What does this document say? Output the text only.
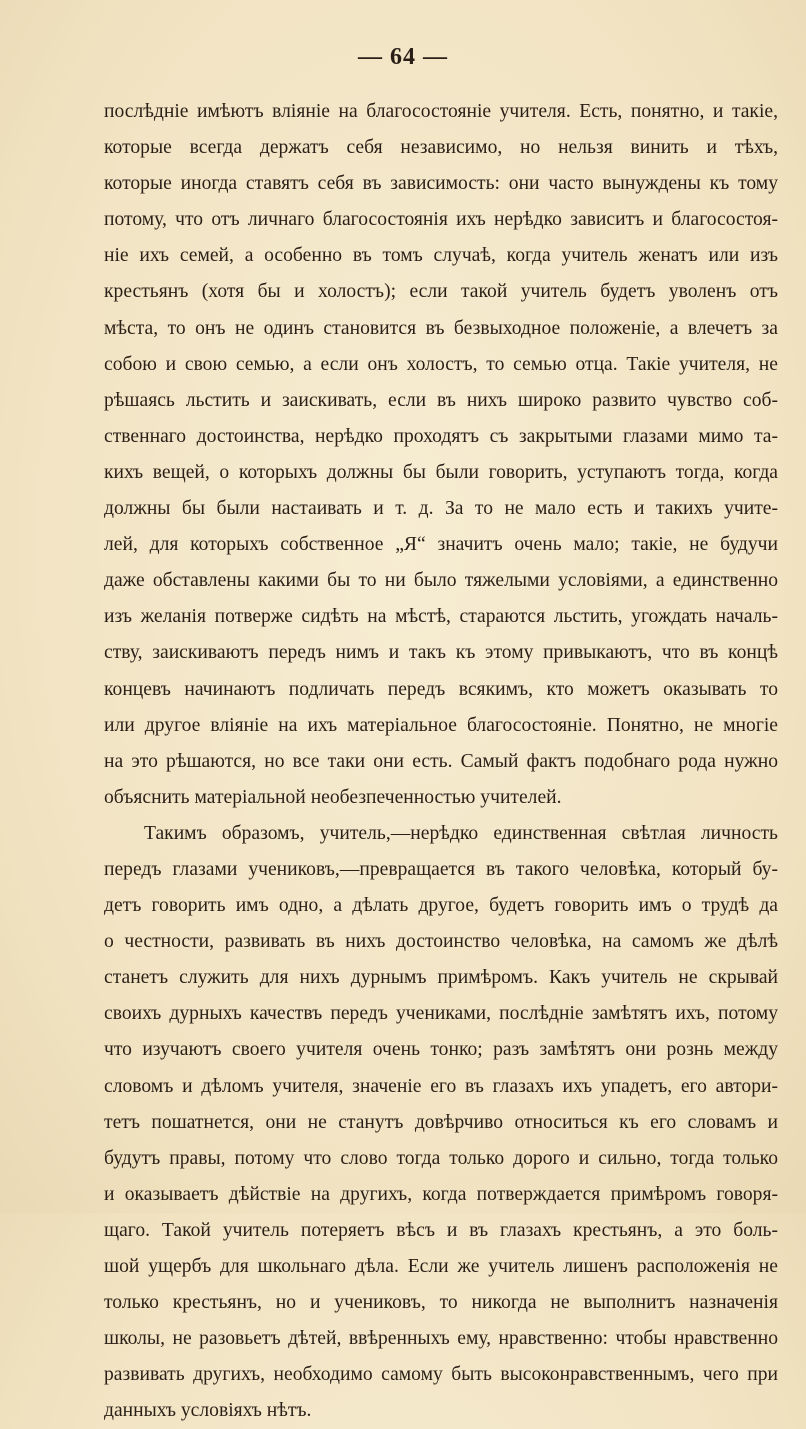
— 64 —
послѣдніе имѣютъ вліяніе на благосостояніе учителя. Есть, понятно, и такіе,
которые всегда держатъ себя независимо, но нельзя винить и тѣхъ,
которые иногда ставятъ себя въ зависимость: они часто вынуждены къ тому
потому, что отъ личнаго благосостоянія ихъ нерѣдко зависитъ и благосостоя-
ніе ихъ семей, а особенно въ томъ случаѣ, когда учитель женатъ или изъ
крестьянъ (хотя бы и холостъ); если такой учитель будетъ уволенъ отъ
мѣста, то онъ не одинъ становится въ безвыходное положеніе, а влечетъ за
собою и свою семью, а если онъ холостъ, то семью отца. Такіе учителя, не
рѣшаясь льстить и заискивать, если въ нихъ широко развито чувство соб-
ственнаго достоинства, нерѣдко проходятъ съ закрытыми глазами мимо та-
кихъ вещей, о которыхъ должны бы были говорить, уступаютъ тогда, когда
должны бы были настаивать и т. д. За то не мало есть и такихъ учите-
лей, для которыхъ собственное „Я“ значитъ очень мало; такіе, не будучи
даже обставлены какими бы то ни было тяжелыми условіями, а единственно
изъ желанія потверже сидѣть на мѣстѣ, стараются льстить, угождать началь-
ству, заискиваютъ передъ нимъ и такъ къ этому привыкаютъ, что въ концѣ
концевъ начинаютъ подличать передъ всякимъ, кто можетъ оказывать то
или другое вліяніе на ихъ матеріальное благосостояніе. Понятно, не многіе
на это рѣшаются, но все таки они есть. Самый фактъ подобнаго рода нужно
объяснить матеріальной необезпеченностью учителей.
Такимъ образомъ, учитель,—нерѣдко единственная свѣтлая личность
передъ глазами учениковъ,—превращается въ такого человѣка, который бу-
детъ говорить имъ одно, а дѣлать другое, будетъ говорить имъ о трудѣ да
о честности, развивать въ нихъ достоинство человѣка, на самомъ же дѣлѣ
станетъ служить для нихъ дурнымъ примѣромъ. Какъ учитель не скрывай
своихъ дурныхъ качествъ передъ учениками, послѣдніе замѣтятъ ихъ, потому
что изучаютъ своего учителя очень тонко; разъ замѣтятъ они рознь между
словомъ и дѣломъ учителя, значеніе его въ глазахъ ихъ упадетъ, его автори-
тетъ пошатнется, они не станутъ довѣрчиво относиться къ его словамъ и
будутъ правы, потому что слово тогда только дорого и сильно, тогда только
и оказываетъ дѣйствіе на другихъ, когда потверждается примѣромъ говоря-
щаго. Такой учитель потеряетъ вѣсъ и въ глазахъ крестьянъ, а это боль-
шой ущербъ для школьнаго дѣла. Если же учитель лишенъ расположенія не
только крестьянъ, но и учениковъ, то никогда не выполнитъ назначенія
школы, не разовьетъ дѣтей, ввѣренныхъ ему, нравственно: чтобы нравственно
развивать другихъ, необходимо самому быть высоконравственнымъ, чего при
данныхъ условіяхъ нѣтъ.
